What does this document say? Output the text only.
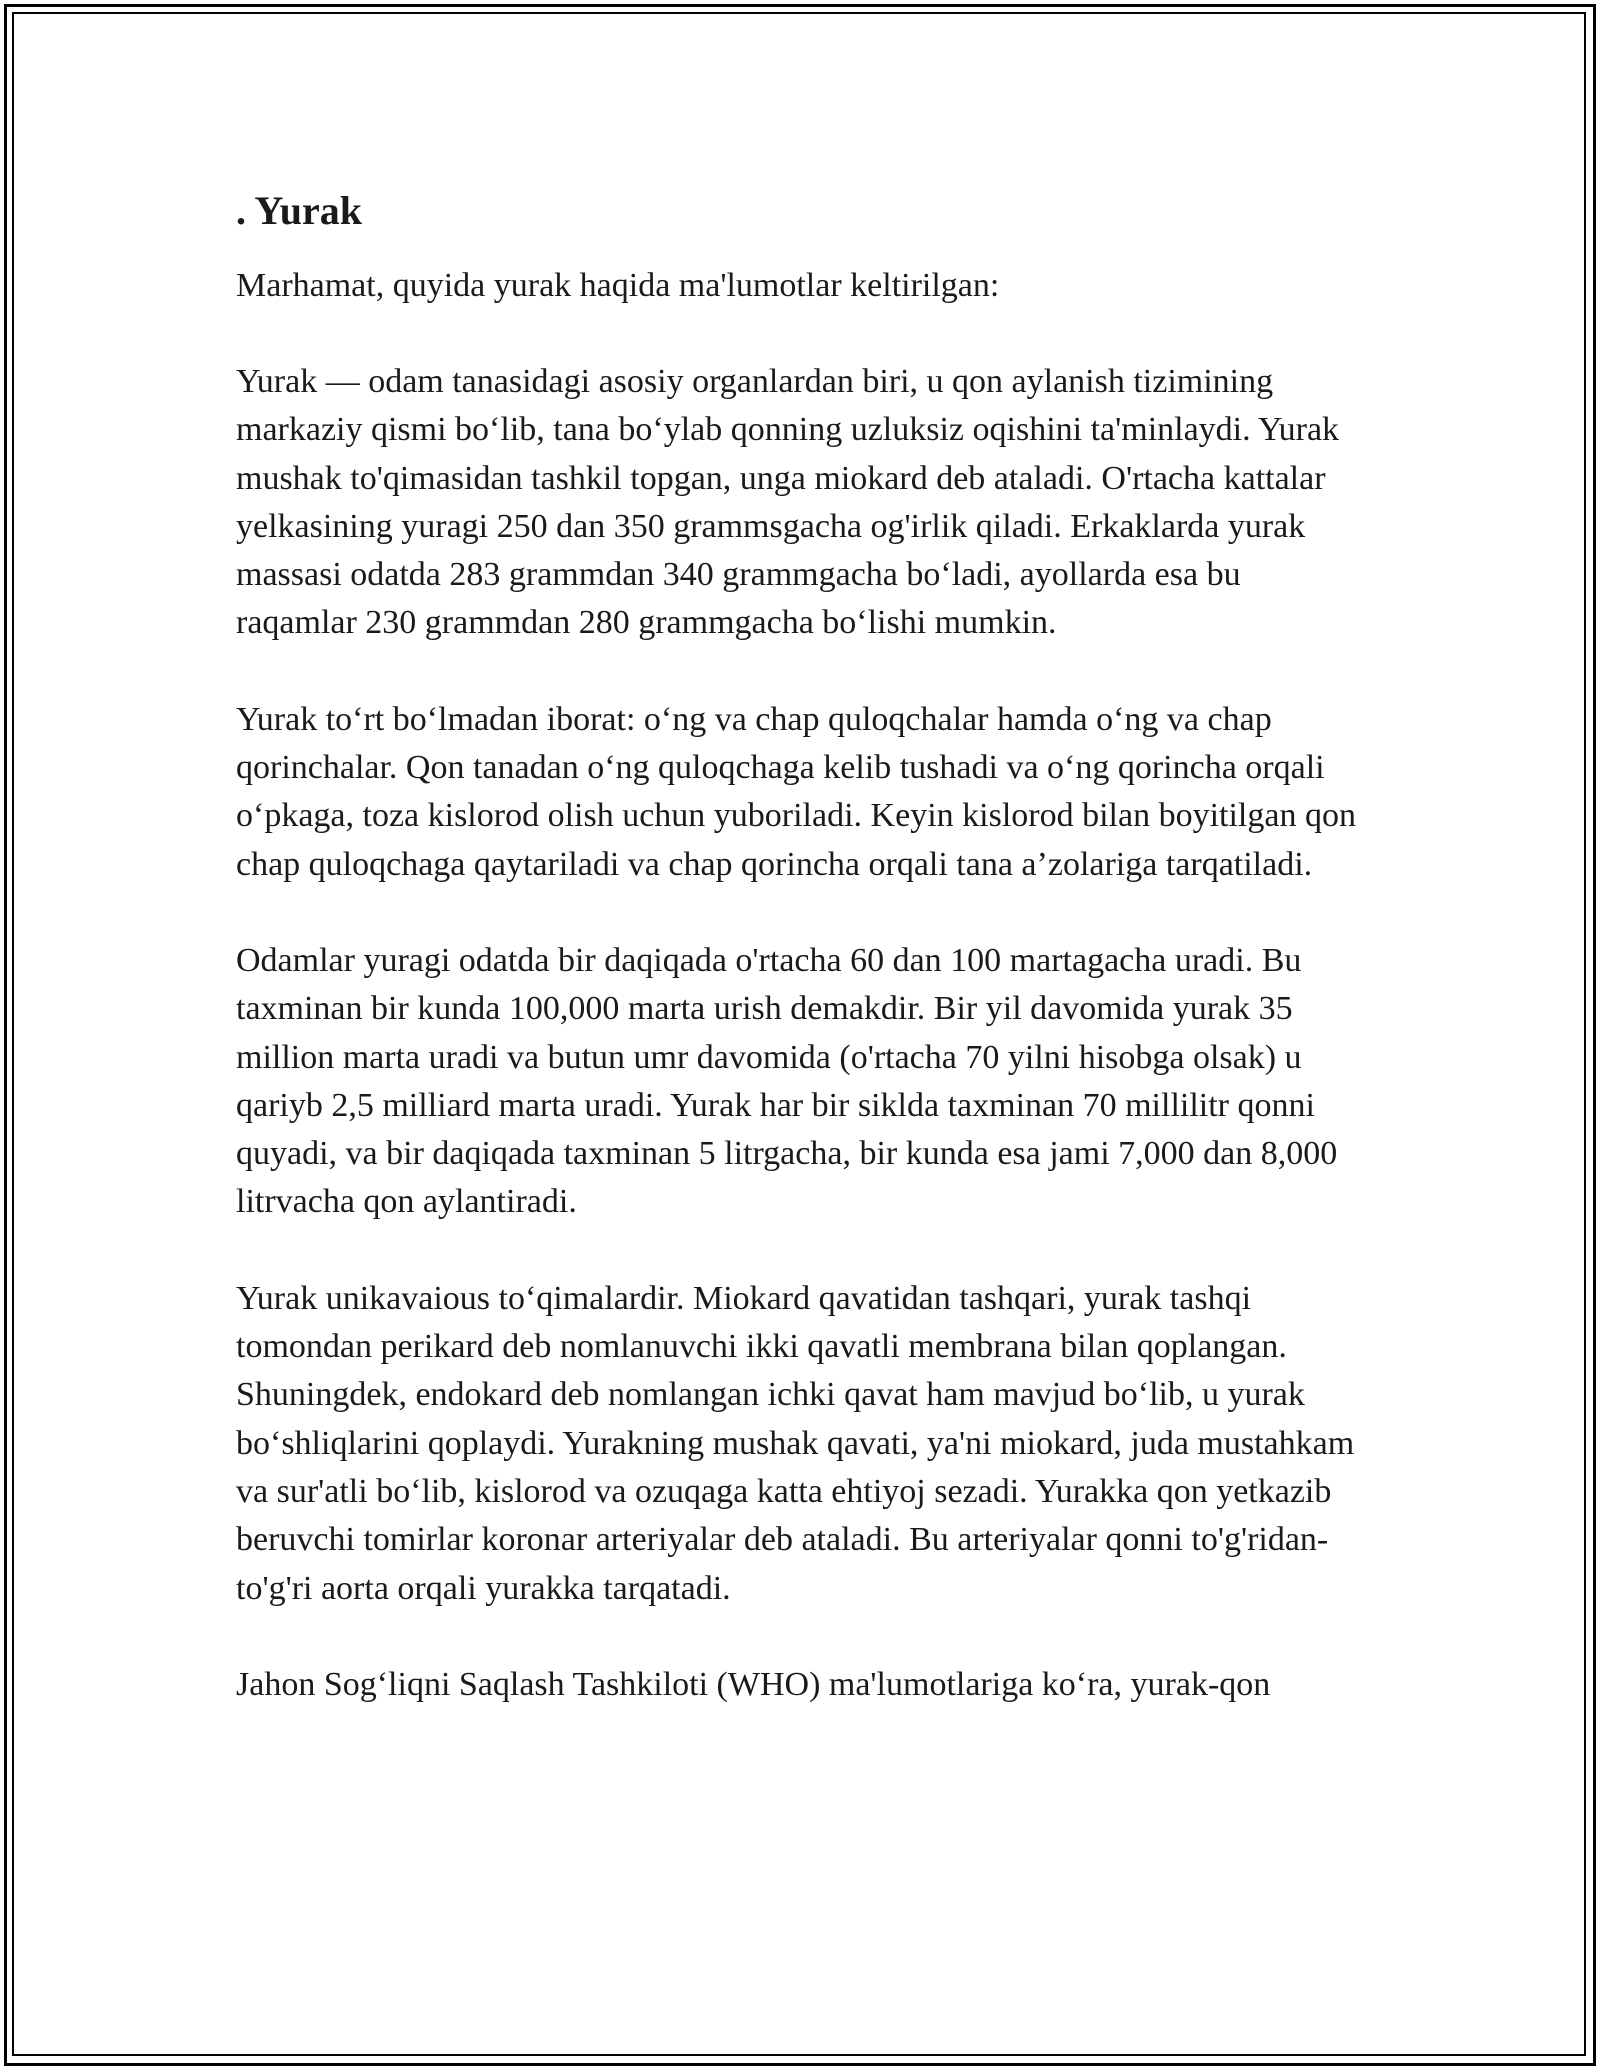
. Yurak

Marhamat, quyida yurak haqida ma'lumotlar keltirilgan:

Yurak — odam tanasidagi asosiy organlardan biri, u qon aylanish tizimining markaziy qismi bo‘lib, tana bo‘ylab qonning uzluksiz oqishini ta'minlaydi. Yurak mushak to'qimasidan tashkil topgan, unga miokard deb ataladi. O'rtacha kattalar yelkasining yuragi 250 dan 350 grammsgacha og'irlik qiladi. Erkaklarda yurak massasi odatda 283 grammdan 340 grammgacha bo‘ladi, ayollarda esa bu raqamlar 230 grammdan 280 grammgacha bo‘lishi mumkin.

Yurak to‘rt bo‘lmadan iborat: o‘ng va chap quloqchalar hamda o‘ng va chap qorinchalar. Qon tanadan o‘ng quloqchaga kelib tushadi va o‘ng qorincha orqali o‘pkaga, toza kislorod olish uchun yuboriladi. Keyin kislorod bilan boyitilgan qon chap quloqchaga qaytariladi va chap qorincha orqali tana a’zolariga tarqatiladi.

Odamlar yuragi odatda bir daqiqada o'rtacha 60 dan 100 martagacha uradi. Bu taxminan bir kunda 100,000 marta urish demakdir. Bir yil davomida yurak 35 million marta uradi va butun umr davomida (o'rtacha 70 yilni hisobga olsak) u qariyb 2,5 milliard marta uradi. Yurak har bir siklda taxminan 70 millilitr qonni quyadi, va bir daqiqada taxminan 5 litrgacha, bir kunda esa jami 7,000 dan 8,000 litrvacha qon aylantiradi.

Yurak unikavaious to‘qimalardir. Miokard qavatidan tashqari, yurak tashqi tomondan perikard deb nomlanuvchi ikki qavatli membrana bilan qoplangan. Shuningdek, endokard deb nomlangan ichki qavat ham mavjud bo‘lib, u yurak bo‘shliqlarini qoplaydi. Yurakning mushak qavati, ya'ni miokard, juda mustahkam va sur'atli bo‘lib, kislorod va ozuqaga katta ehtiyoj sezadi. Yurakka qon yetkazib beruvchi tomirlar koronar arteriyalar deb ataladi. Bu arteriyalar qonni to'g'ridan-to'g'ri aorta orqali yurakka tarqatadi.

Jahon Sog‘liqni Saqlash Tashkiloti (WHO) ma'lumotlariga ko‘ra, yurak-qon
